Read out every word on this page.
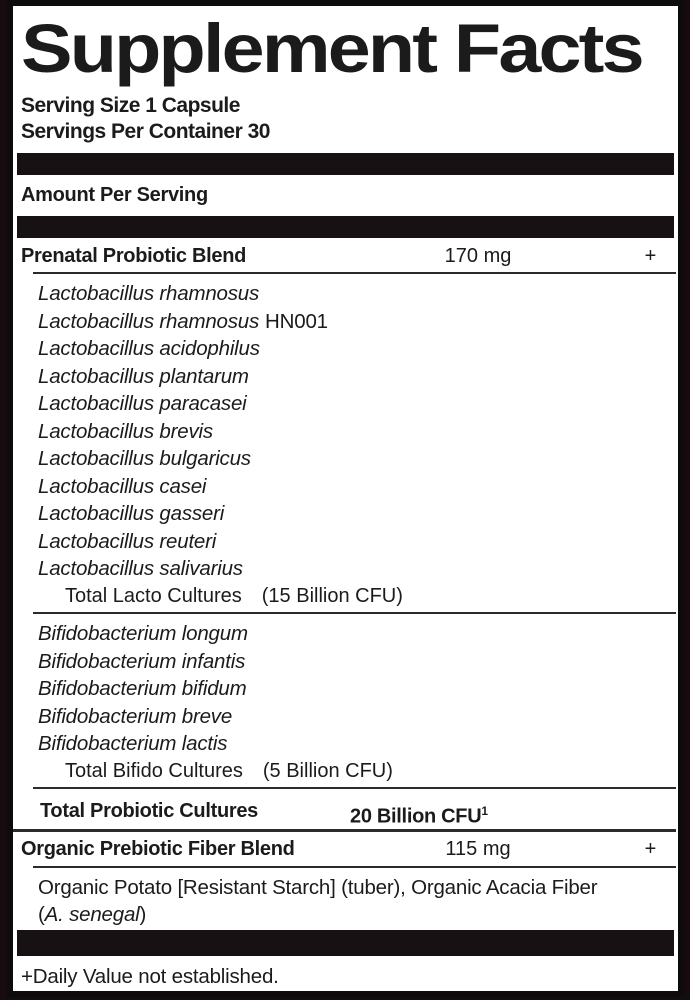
Supplement Facts
Serving Size 1 Capsule
Servings Per Container 30
Amount Per Serving
Prenatal Probiotic Blend	170 mg	+
Lactobacillus rhamnosus
Lactobacillus rhamnosus HN001
Lactobacillus acidophilus
Lactobacillus plantarum
Lactobacillus paracasei
Lactobacillus brevis
Lactobacillus bulgaricus
Lactobacillus casei
Lactobacillus gasseri
Lactobacillus reuteri
Lactobacillus salivarius
Total Lacto Cultures (15 Billion CFU)
Bifidobacterium longum
Bifidobacterium infantis
Bifidobacterium bifidum
Bifidobacterium breve
Bifidobacterium lactis
Total Bifido Cultures (5 Billion CFU)
Total Probiotic Cultures	20 Billion CFU$^1$
Organic Prebiotic Fiber Blend	115 mg	+
Organic Potato [Resistant Starch] (tuber), Organic Acacia Fiber
(A. senegal)
+Daily Value not established.
